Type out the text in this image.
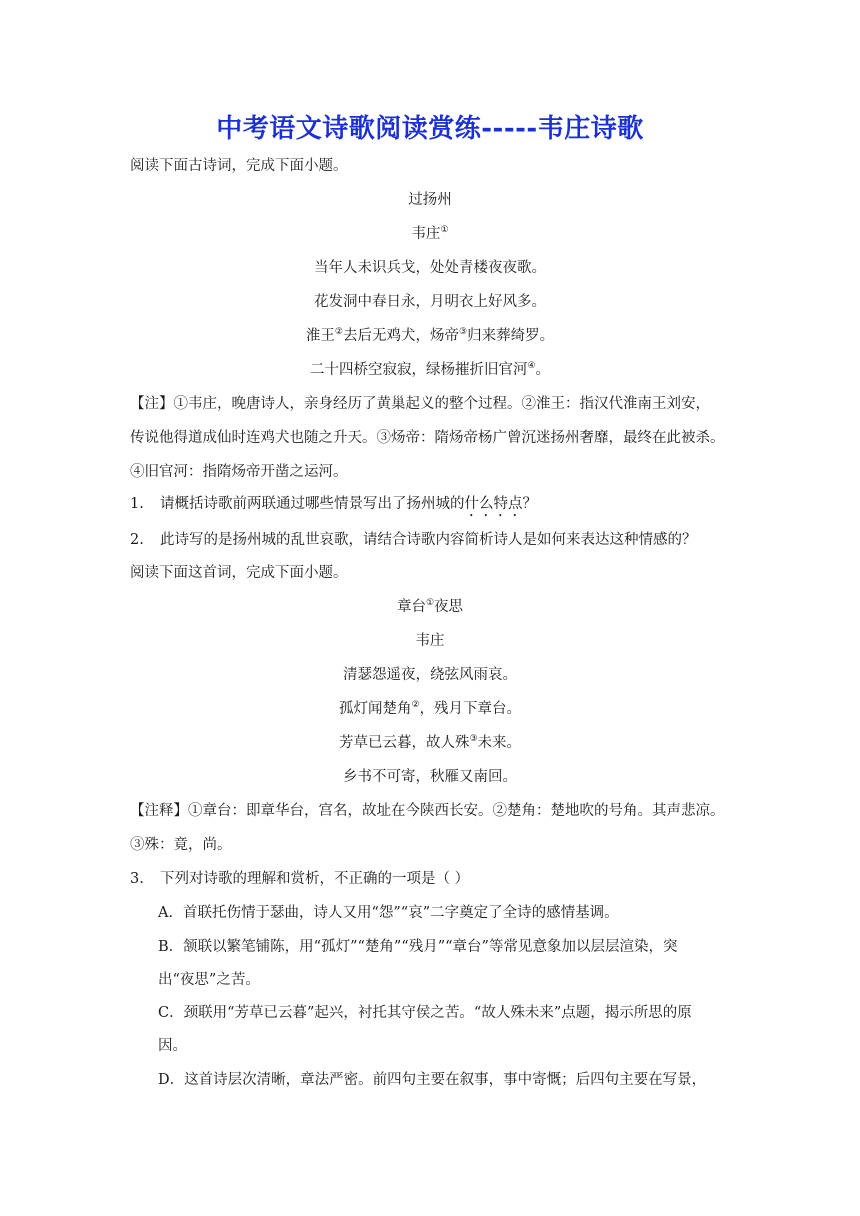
中考语文诗歌阅读赏练-----韦庄诗歌
阅读下面古诗词，完成下面小题。
过扬州
韦庄①
当年人未识兵戈，处处青楼夜夜歌。
花发洞中春日永，月明衣上好风多。
淮王②去后无鸡犬，炀帝③归来葬绮罗。
二十四桥空寂寂，绿杨摧折旧官河④。
【注】①韦庄，晚唐诗人，亲身经历了黄巢起义的整个过程。②淮王：指汉代淮南王刘安，
传说他得道成仙时连鸡犬也随之升天。③炀帝：隋炀帝杨广曾沉迷扬州奢靡，最终在此被杀。
④旧官河：指隋炀帝开凿之运河。
1. 请概括诗歌前两联通过哪些情景写出了扬州城的什么特点？
2. 此诗写的是扬州城的乱世哀歌，请结合诗歌内容简析诗人是如何来表达这种情感的？
阅读下面这首词，完成下面小题。
章台①夜思
韦庄
清瑟怨遥夜，绕弦风雨哀。
孤灯闻楚角②，残月下章台。
芳草已云暮，故人殊③未来。
乡书不可寄，秋雁又南回。
【注释】①章台：即章华台，宫名，故址在今陕西长安。②楚角：楚地吹的号角。其声悲凉。
③殊：竟，尚。
3. 下列对诗歌的理解和赏析，不正确的一项是（ ）
A．首联托伤情于瑟曲，诗人又用“怨”“哀”二字奠定了全诗的感情基调。
B．颔联以繁笔铺陈，用“孤灯”“楚角”“残月”“章台”等常见意象加以层层渲染，突
出“夜思”之苦。
C．颈联用“芳草已云暮”起兴，衬托其守侯之苦。“故人殊未来”点题，揭示所思的原
因。
D．这首诗层次清晰，章法严密。前四句主要在叙事，事中寄慨；后四句主要在写景，
